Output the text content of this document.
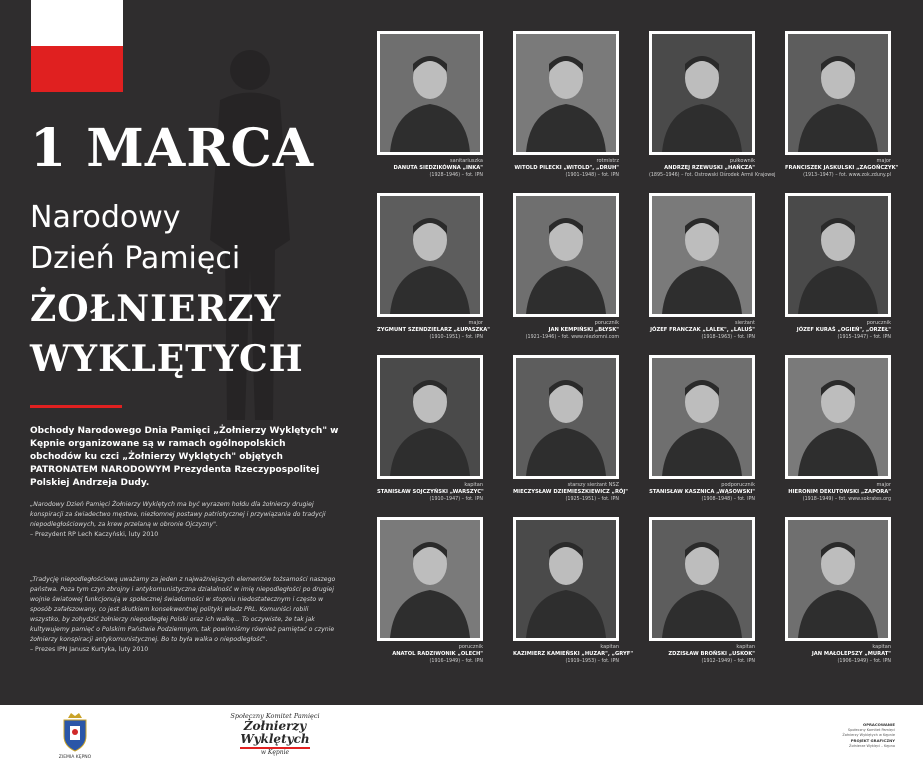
1 MARCA
Narodowy
Dzień Pamięci
ŻOŁNIERZY
WYKLĘTYCH
Obchody Narodowego Dnia Pamięci „Żołnierzy Wyklętych" w Kępnie organizowane są w ramach ogólnopolskich obchodów ku czci „Żołnierzy Wyklętych" objętych PATRONATEM NARODOWYM Prezydenta Rzeczypospolitej Polskiej Andrzeja Dudy.
„Narodowy Dzień Pamięci Żołnierzy Wyklętych ma być wyrazem hołdu dla żołnierzy drugiej konspiracji za świadectwo męstwa, niezłomnej postawy patriotycznej i przywiązania do tradycji niepodległościowych, za krew przelaną w obronie Ojczyzny".
– Prezydent RP Lech Kaczyński, luty 2010
„Tradycję niepodległościową uważamy za jeden z najważniejszych elementów tożsamości naszego państwa. Poza tym czyn zbrojny i antykomunistyczna działalność w imię niepodległości po drugiej wojnie światowej funkcjonują w społecznej świadomości w stopniu niedostatecznym i często w sposób zafałszowany, co jest skutkiem konsekwentnej polityki władz PRL. Komuniści robili wszystko, by zohydzić żołnierzy niepodległej Polski oraz ich walkę... To oczywiste, że tak jak kultywujemy pamięć o Polskim Państwie Podziemnym, tak powinniśmy również pamiętać o czynie żołnierzy konspiracji antykomunistycznej. Bo to była walka o niepodległość".
– Prezes IPN Janusz Kurtyka, luty 2010
sanitariuszka
DANUTA SIEDZIKÓWNA „INKA"
(1928–1946) – fot. IPN
rotmistrz
WITOLD PILECKI „WITOLD", „DRUH"
(1901–1948) – fot. IPN
pułkownik
ANDRZEJ RZEWUSKI „HAŃCZA"
(1895–1946) – fot. Ostrowski Ośrodek Armii Krajowej
major
FRANCISZEK JASKULSKI „ZAGOŃCZYK"
(1913–1947) – fot. www.zok.zduny.pl
major
ZYGMUNT SZENDZIELARZ „ŁUPASZKA"
(1910–1951) – fot. IPN
porucznik
JAN KEMPIŃSKI „BŁYSK"
(1921–1946) – fot. www.niezlomni.com
sierżant
JÓZEF FRANCZAK „LALEK", „LALUŚ"
(1918–1963) – fot. IPN
porucznik
JÓZEF KURAŚ „OGIEŃ", „ORZEŁ"
(1915–1947) – fot. IPN
kapitan
STANISŁAW SOJCZYŃSKI „WARSZYC"
(1910–1947) – fot. IPN
starszy sierżant NSZ
MIECZYSŁAW DZIEMIESZKIEWICZ „RÓJ"
(1925–1951) – fot. IPN
podporucznik
STANISŁAW KASZNICA „WĄSOWSKI"
(1908–1948) – fot. IPN
major
HIERONIM DEKUTOWSKI „ZAPORA"
(1918–1949) – fot. www.sokrates.org
porucznik
ANATOL RADZIWONIK „OLECH"
(1916–1949) – fot. IPN
kapitan
KAZIMIERZ KAMIEŃSKI „HUZAR", „GRYF"
(1919–1953) – fot. IPN
kapitan
ZDZISŁAW BROŃSKI „USKOK"
(1912–1949) – fot. IPN
kapitan
JAN MAŁOLEPSZY „MURAT"
(1906–1949) – fot. IPN
ZIEMIA KĘPNO
Społeczny Komitet Pamięci
Żołnierzy Wyklętych
w Kępnie
OPRACOWANIE
Społeczny Komitet Pamięci Żołnierzy Wyklętych w Kępnie
PROJEKT GRAFICZNY
Żołnierze Wyklęci – Kępno
